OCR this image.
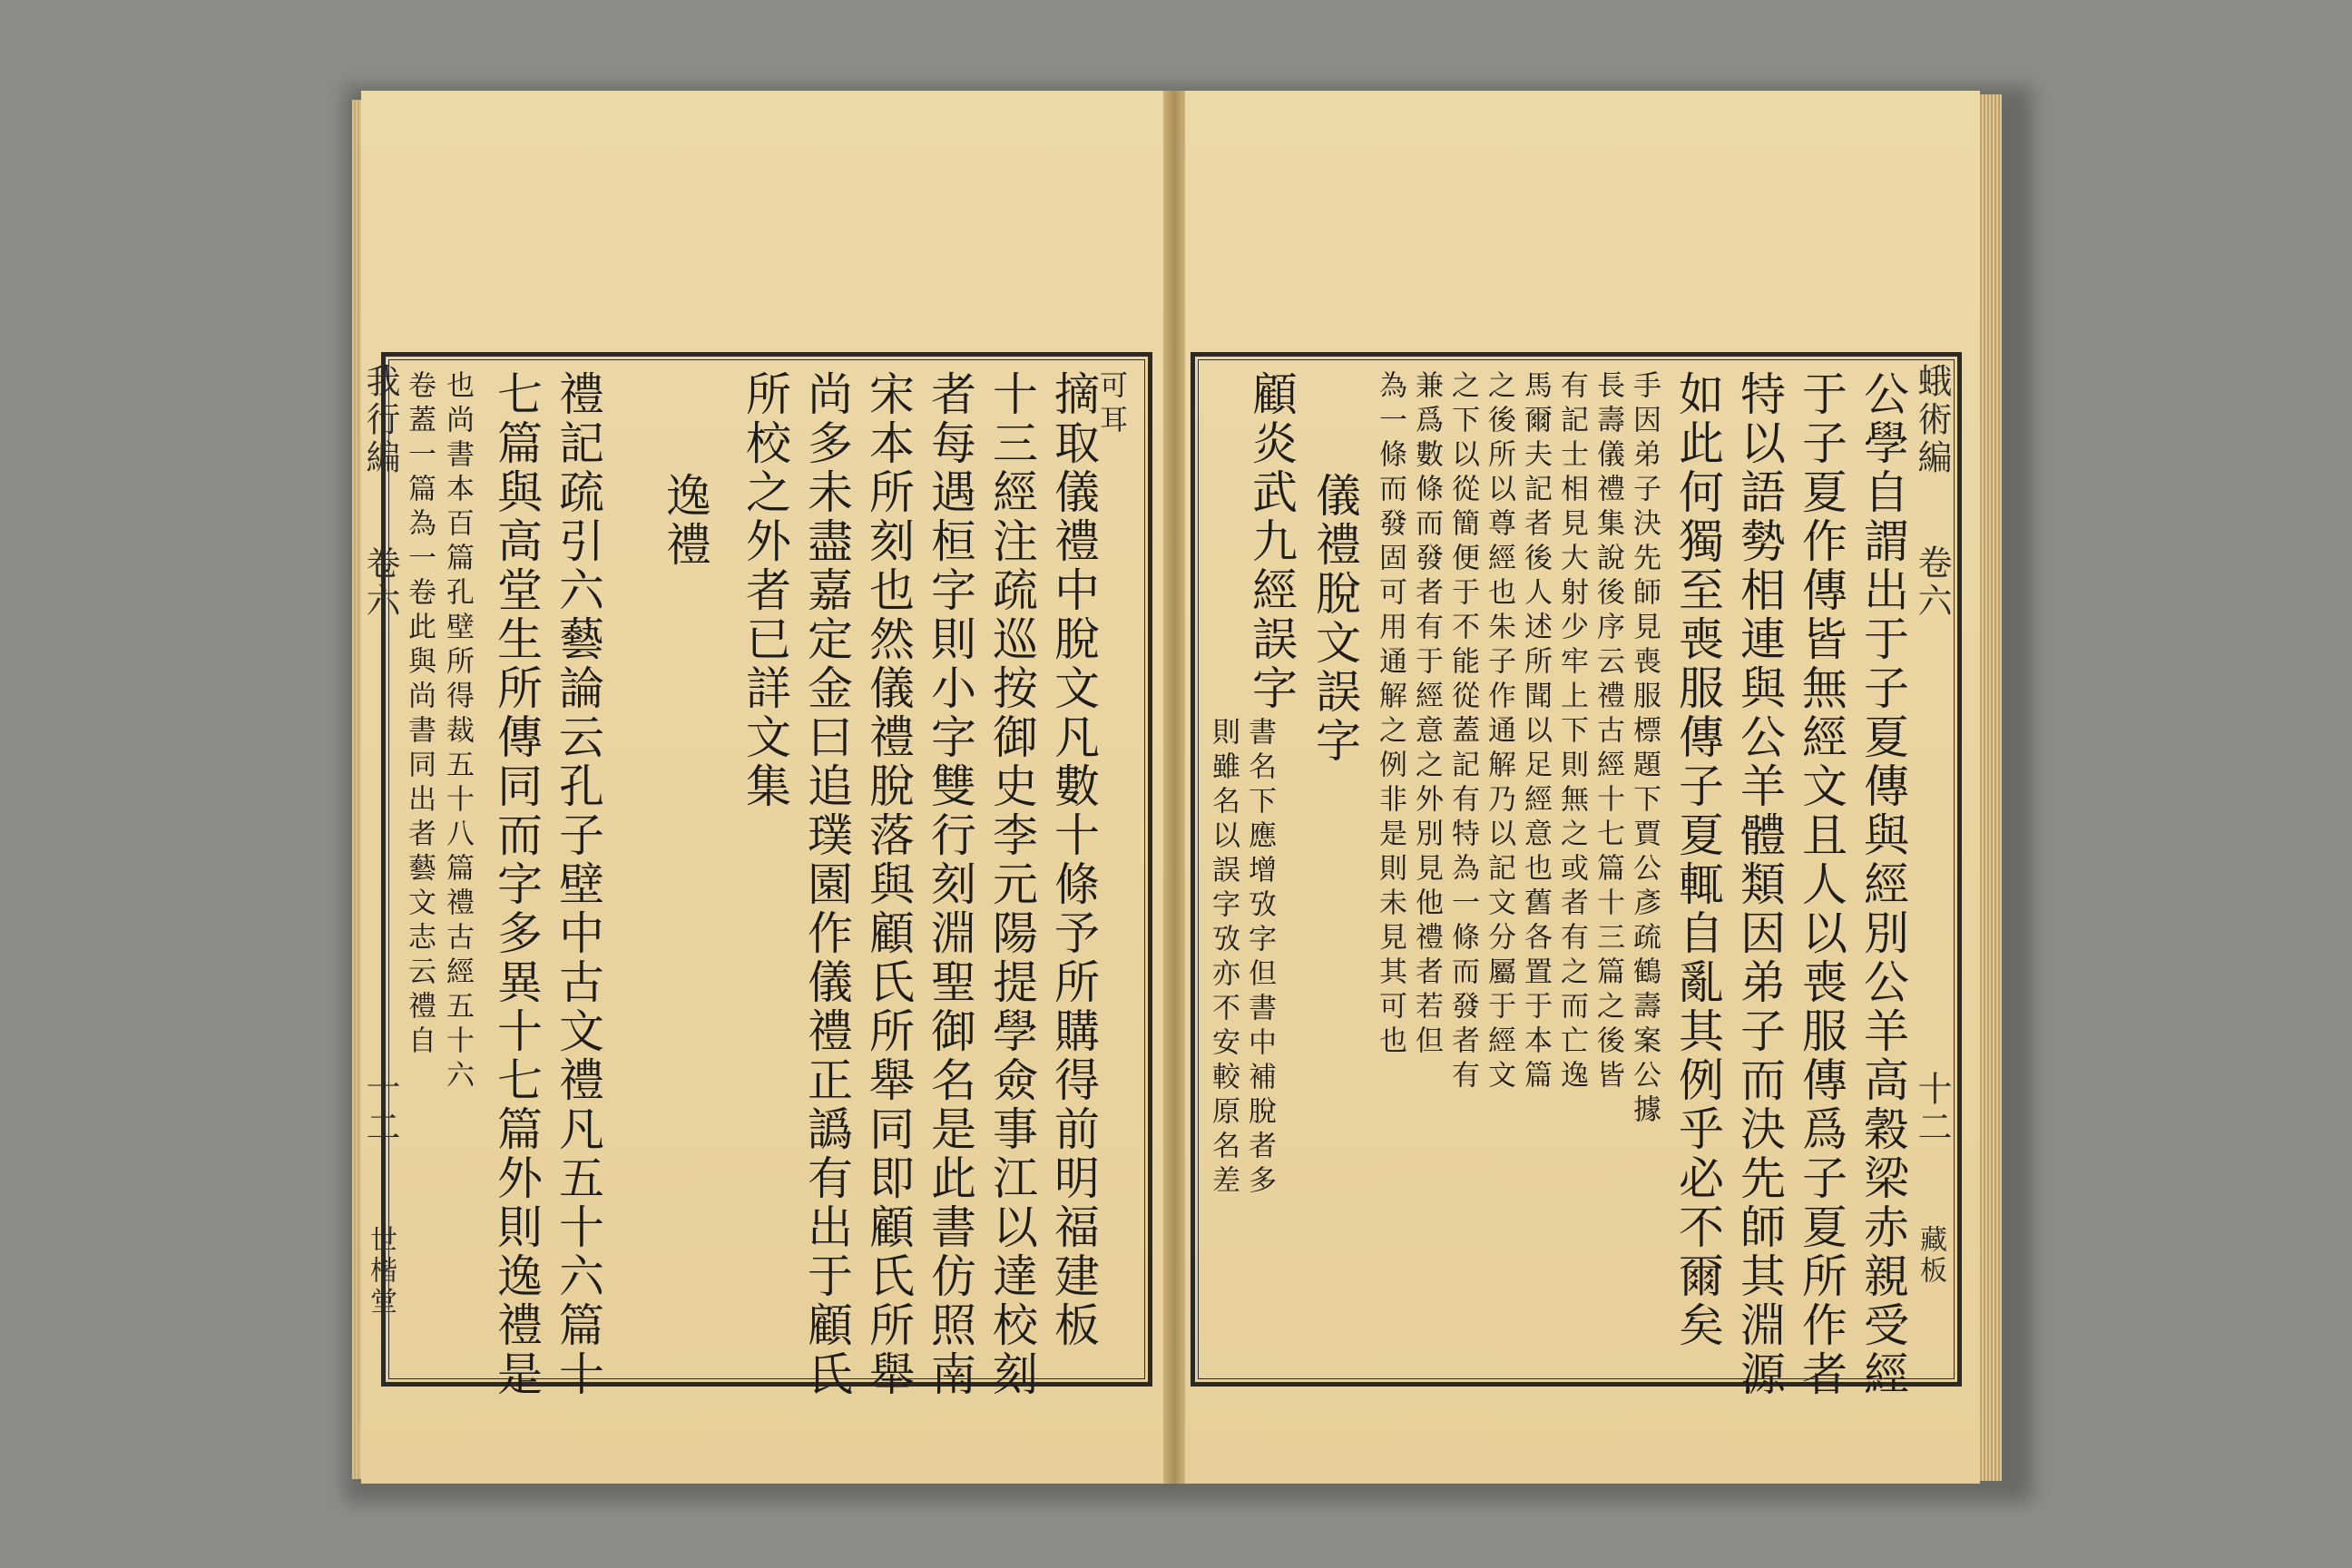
我行編
卷六
十二
世楷堂
蛾術編
卷六
十二
藏板
可耳
摘取儀禮中脫文凡數十條予所購得前明福建板
十三經注疏巡按御史李元陽提學僉事江以達校刻
者每遇桓字則小字雙行刻淵聖御名是此書仿照南
宋本所刻也然儀禮脫落與顧氏所舉同即顧氏所舉
尚多未盡嘉定金曰追璞園作儀禮正譌有出于顧氏
所校之外者已詳文集
逸禮
禮記疏引六藝論云孔子壁中古文禮凡五十六篇十
七篇與高堂生所傳同而字多異十七篇外則逸禮是
也尚書本百篇孔壁所得裁五十八篇禮古經五十六
卷蓋一篇為一卷此與尚書同出者藝文志云禮自	公學自謂出于子夏傳與經別公羊高穀梁赤親受經
于子夏作傳皆無經文且人以喪服傳爲子夏所作者
特以語勢相連與公羊體類因弟子而決先師其淵源
如此何獨至喪服傳子夏輒自亂其例乎必不爾矣
手因弟子決先師見喪服標題下賈公彥疏鶴壽案公據
長壽儀禮集說後序云禮古經十七篇十三篇之後皆
有記士相見大射少牢上下則無之或者有之而亡逸
馬爾夫記者後人述所聞以足經意也舊各置于本篇
之後所以尊經也朱子作通解乃以記文分屬于經文
之下以從簡便于不能從蓋記有特為一條而發者有
兼爲數條而發者有于經意之外別見他禮者若但
為一條而發固可用通解之例非是則未見其可也
儀禮脫文誤字
顧炎武九經誤字
書名下應增攷字但書中補脫者多
則雖名以誤字攷亦不安較原名差
